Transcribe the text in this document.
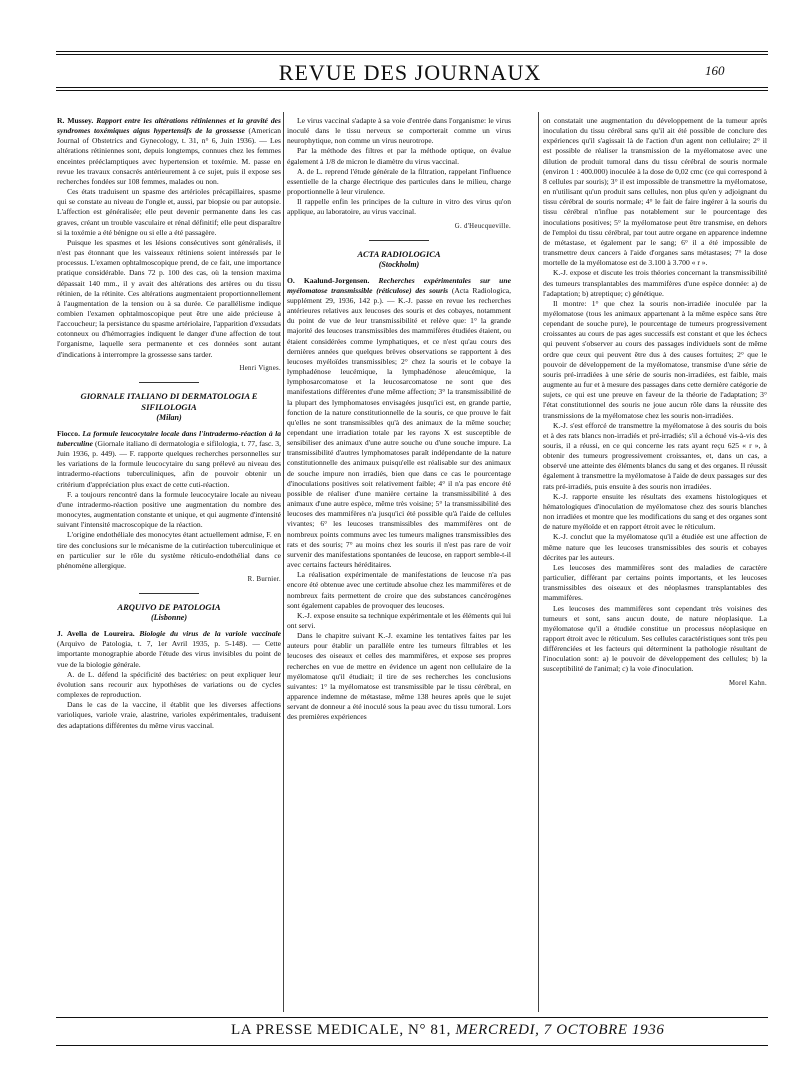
REVUE DES JOURNAUX	160

R. Mussey. Rapport entre les altérations rétiniennes et la gravité des syndromes toxémiques aigus hypertensifs de la grossesse (American Journal of Obstetrics and Gynecology, t. 31, n° 6, Juin 1936). — Les altérations rétiniennes sont, depuis longtemps, connues chez les femmes enceintes prééclamptiques avec hypertension et toxémie. M. passe en revue les travaux consacrés antérieurement à ce sujet, puis il expose ses recherches fondées sur 108 femmes, malades ou non.

Ces états traduisent un spasme des artérioles précapillaires, spasme qui se constate au niveau de l'ongle et, aussi, par biopsie ou par autopsie. L'affection est généralisée; elle peut devenir permanente dans les cas graves, créant un trouble vasculaire et rénal définitif; elle peut disparaître si la toxémie a été bénigne ou si elle a été passagère.

Puisque les spasmes et les lésions consécutives sont généralisés, il n'est pas étonnant que les vaisseaux rétiniens soient intéressés par le processus. L'examen ophtalmoscopique prend, de ce fait, une importance pratique considérable. Dans 72 p. 100 des cas, où la tension maxima dépassait 140 mm., il y avait des altérations des artères ou du tissu rétinien, de la rétinite. Ces altérations augmentaient proportionnellement à l'augmentation de la tension ou à sa durée. Ce parallélisme indique combien l'examen ophtalmoscopique peut être une aide précieuse à l'accoucheur; la persistance du spasme artériolaire, l'apparition d'exsudats cotonneux ou d'hémorragies indiquent le danger d'une affection de tout l'organisme, laquelle sera permanente et ces données sont autant d'indications à interrompre la grossesse sans tarder.

Henri Vignes.
GIORNALE ITALIANO DI DERMATOLOGIA E SIFILOLOGIA
(Milan)

Fiocco. La formule leucocytaire locale dans l'intradermo-réaction à la tuberculine (Giornale italiano di dermatologia e sifilologia, t. 77, fasc. 3, Juin 1936, p. 449). — F. rapporte quelques recherches personnelles sur les variations de la formule leucocytaire du sang prélevé au niveau des intradermo-réactions tuberculiniques, afin de pouvoir obtenir un critérium d'appréciation plus exact de cette cuti-réaction.

F. a toujours rencontré dans la formule leucocytaire locale au niveau d'une intradermo-réaction positive une augmentation du nombre des monocytes, augmentation constante et unique, et qui augmente d'intensité suivant l'intensité macroscopique de la réaction.

L'origine endothéliale des monocytes étant actuellement admise, F. en tire des conclusions sur le mécanisme de la cutiréaction tuberculinique et en particulier sur le rôle du système réticulo-endothélial dans ce phénomène allergique.

R. Burnier.
ARQUIVO DE PATOLOGIA
(Lisbonne)

J. Avella de Loureira. Biologie du virus de la variole vaccinale (Arquivo de Patologia, t. 7, 1er Avril 1935, p. 5-148). — Cette importante monographie aborde l'étude des virus invisibles du point de vue de la biologie générale.

A. de L. défend la spécificité des bactéries: on peut expliquer leur évolution sans recourir aux hypothèses de variations ou de cycles complexes de reproduction.

Dans le cas de la vaccine, il établit que les diverses affections varioliques, variole vraie, alastrine, varioles expérimentales, traduisent des adaptations différentes du même virus vaccinal.

Le virus vaccinal s'adapte à sa voie d'entrée dans l'organisme: le virus inoculé dans le tissu nerveux se comporterait comme un virus neurophytique, non comme un virus neurotrope.

Par la méthode des filtres et par la méthode optique, on évalue également à 1/8 de micron le diamètre du virus vaccinal.

A. de L. reprend l'étude générale de la filtration, rappelant l'influence essentielle de la charge électrique des particules dans le milieu, charge proportionnelle à leur virulence.

Il rappelle enfin les principes de la culture in vitro des virus qu'on applique, au laboratoire, au virus vaccinal.

G. d'Heucqueville.
ACTA RADIOLOGICA
(Stockholm)

O. Kaalund-Jorgensen. Recherches expérimentales sur une myélomatose transmissible (réticulose) des souris (Acta Radiologica, supplément 29, 1936, 142 p.). — K.-J. passe en revue les recherches antérieures relatives aux leucoses des souris et des cobayes, notamment du point de vue de leur transmissibilité et relève que: 1° la grande majorité des leucoses transmissibles des mammifères étudiées étaient, ou étaient considérées comme lymphatiques, et ce n'est qu'au cours des dernières années que quelques brèves observations se rapportent à des leucoses myéloïdes transmissibles; 2° chez la souris et le cobaye la lymphadénose leucémique, la lymphadénose aleucémique, la lymphosarcomatose et la leucosarcomatose ne sont que des manifestations différentes d'une même affection; 3° la transmissibilité de la plupart des lymphomatoses envisagées jusqu'ici est, en grande partie, fonction de la nature constitutionnelle de la souris, ce que prouve le fait qu'elles ne sont transmissibles qu'à des animaux de la même souche; cependant une irradiation totale par les rayons X est susceptible de sensibiliser des animaux d'une autre souche ou d'une souche impure. La transmissibilité d'autres lymphomatoses paraît indépendante de la nature constitutionnelle des animaux puisqu'elle est réalisable sur des animaux de souche impure non irradiés, bien que dans ce cas le pourcentage d'inoculations positives soit relativement faible; 4° il n'a pas encore été possible de réaliser d'une manière certaine la transmissibilité à des animaux d'une autre espèce, même très voisine; 5° la transmissibilité des leucoses des mammifères n'a jusqu'ici été possible qu'à l'aide de cellules vivantes; 6° les leucoses transmissibles des mammifères ont de nombreux points communs avec les tumeurs malignes transmissibles des rats et des souris; 7° au moins chez les souris il n'est pas rare de voir survenir des manifestations spontanées de leucose, en rapport semble-t-il avec certains facteurs héréditaires.

La réalisation expérimentale de manifestations de leucose n'a pas encore été obtenue avec une certitude absolue chez les mammifères et de nombreux faits permettent de croire que des substances cancérogènes sont également capables de provoquer des leucoses.

K.-J. expose ensuite sa technique expérimentale et les éléments qui lui ont servi.

Dans le chapitre suivant K.-J. examine les tentatives faites par les auteurs pour établir un parallèle entre les tumeurs filtrables et les leucoses des oiseaux et celles des mammifères, et expose ses propres recherches en vue de mettre en évidence un agent non cellulaire de la myélomatose qu'il étudiait; il tire de ses recherches les conclusions suivantes: 1° la myélomatose est transmissible par le tissu cérébral, en apparence indemne de métastase, même 138 heures après que le sujet servant de donneur a été inoculé sous la peau avec du tissu tumoral. Lors des premières expériences

on constatait une augmentation du développement de la tumeur après inoculation du tissu cérébral sans qu'il ait été possible de conclure des expériences qu'il s'agissait là de l'action d'un agent non cellulaire; 2° il est possible de réaliser la transmission de la myélomatose avec une dilution de produit tumoral dans du tissu cérébral de souris normale (environ 1 : 400.000) inoculée à la dose de 0,02 cmc (ce qui correspond à 8 cellules par souris); 3° il est impossible de transmettre la myélomatose, en n'utilisant qu'un produit sans cellules, non plus qu'en y adjoignant du tissu cérébral de souris normale; 4° le fait de faire ingérer à la souris du tissu cérébral n'influe pas notablement sur le pourcentage des inoculations positives; 5° la myélomatose peut être transmise, en dehors de l'emploi du tissu cérébral, par tout autre organe en apparence indemne de métastase, et également par le sang; 6° il a été impossible de transmettre deux cancers à l'aide d'organes sans métastases; 7° la dose mortelle de la myélomatose est de 3.100 à 3.700 « r ».

K.-J. expose et discute les trois théories concernant la transmissibilité des tumeurs transplantables des mammifères d'une espèce donnée: a) de l'adaptation; b) atreptique; c) génétique.

Il montre: 1° que chez la souris non-irradiée inoculée par la myélomatose (tous les animaux appartenant à la même espèce sans être cependant de souche pure), le pourcentage de tumeurs progressivement croissantes au cours de pas ages successifs est constant et que les échecs qui peuvent s'observer au cours des passages individuels sont de même ordre que ceux qui peuvent être dus à des causes fortuites; 2° que le pouvoir de développement de la myélomatose, transmise d'une série de souris pré-irradiées à une série de souris non-irradiées, est faible, mais augmente au fur et à mesure des passages dans cette dernière catégorie de sujets, ce qui est une preuve en faveur de la théorie de l'adaptation; 3° l'état constitutionnel des souris ne joue aucun rôle dans la réussite des transmissions de la myélomatose chez les souris non-irradiées.

K.-J. s'est efforcé de transmettre la myélomatose à des souris du bois et à des rats blancs non-irradiés et pré-irradiés; s'il a échoué vis-à-vis des souris, il a réussi, en ce qui concerne les rats ayant reçu 625 « r », à obtenir des tumeurs progressivement croissantes, et, dans un cas, a observé une atteinte des éléments blancs du sang et des organes. Il réussit également à transmettre la myélomatose à l'aide de deux passages sur des rats pré-irradiés, puis ensuite à des souris non irradiées.

K.-J. rapporte ensuite les résultats des examens histologiques et hématologiques d'inoculation de myélomatose chez des souris blanches non irradiées et montre que les modifications du sang et des organes sont de nature myéloïde et en rapport étroit avec le réticulum.

K.-J. conclut que la myélomatose qu'il a étudiée est une affection de même nature que les leucoses transmissibles des souris et cobayes décrites par les auteurs.

Les leucoses des mammifères sont des maladies de caractère particulier, différant par certains points importants, et les leucoses transmissibles des oiseaux et des néoplasmes transplantables des mammifères.

Les leucoses des mammifères sont cependant très voisines des tumeurs et sont, sans aucun doute, de nature néoplasique. La myélomatose qu'il a étudiée constitue un processus néoplasique en rapport étroit avec le réticulum. Ses cellules caractéristiques sont très peu différenciées et les facteurs qui déterminent la pathologie résultant de l'inoculation sont: a) le pouvoir de développement des cellules; b) la susceptibilité de l'animal; c) la voie d'inoculation.

Morel Kahn.
LA PRESSE MEDICALE, N° 81, MERCREDI, 7 OCTOBRE 1936
